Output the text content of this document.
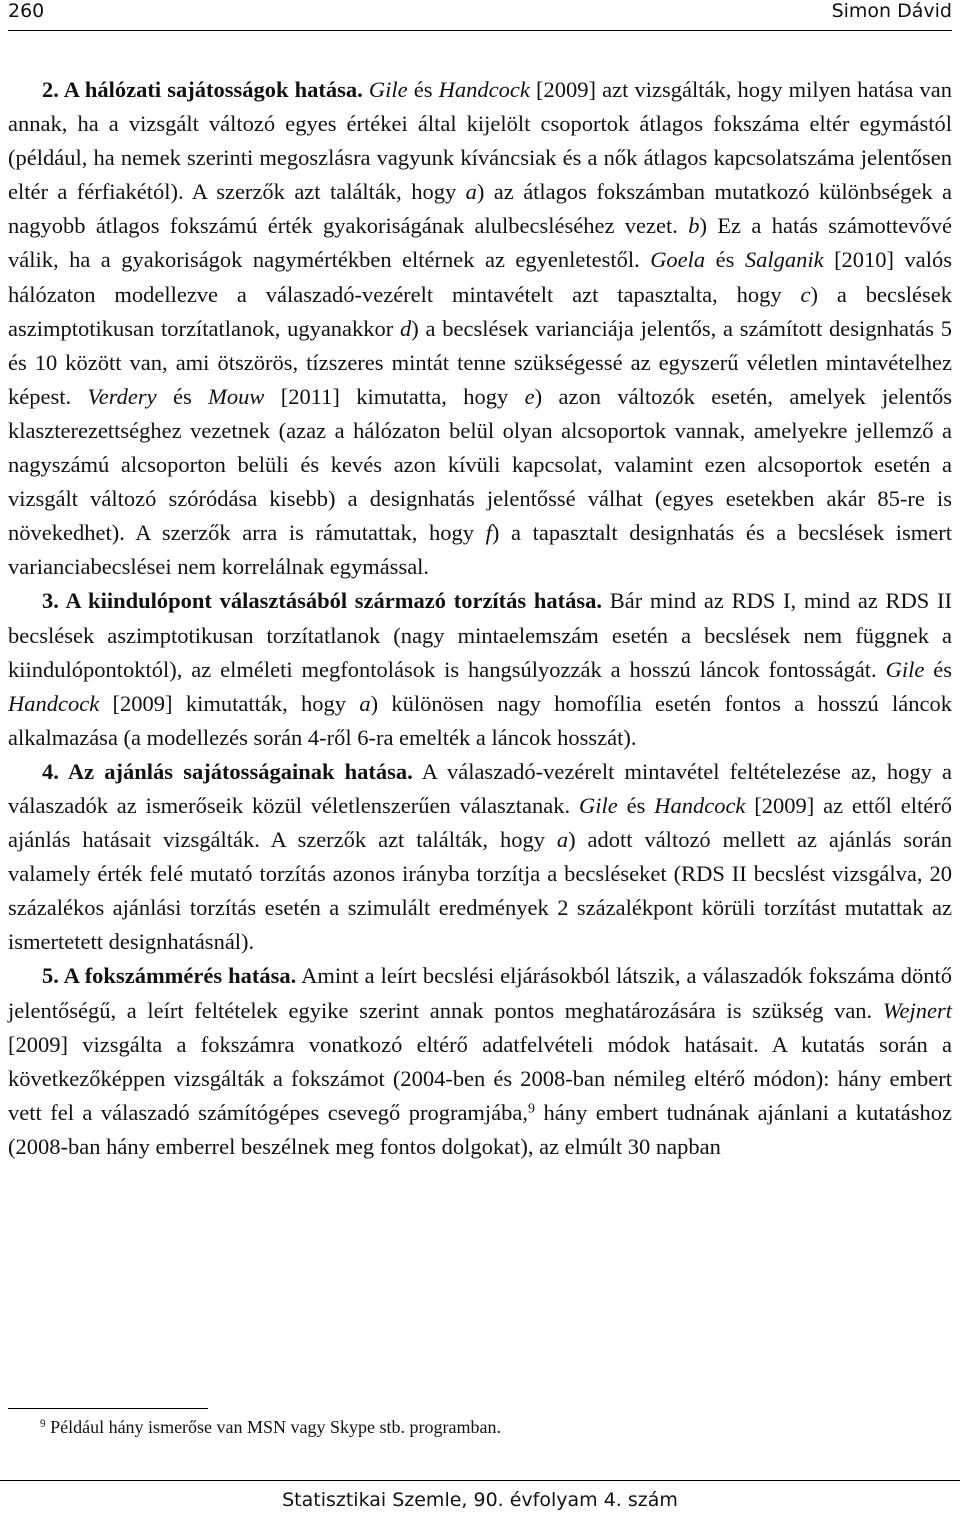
260	Simon Dávid

2. A hálózati sajátosságok hatása. Gile és Handcock [2009] azt vizsgálták, hogy milyen hatása van annak, ha a vizsgált változó egyes értékei által kijelölt csoportok átlagos fokszáma eltér egymástól (például, ha nemek szerinti megoszlásra vagyunk kíváncsiak és a nők átlagos kapcsolatszáma jelentősen eltér a férfiakétól). A szerzők azt találták, hogy a) az átlagos fokszámban mutatkozó különbségek a nagyobb átlagos fokszámú érték gyakoriságának alulbecsléséhez vezet. b) Ez a hatás számottevővé válik, ha a gyakoriságok nagymértékben eltérnek az egyenletestől. Goela és Salganik [2010] valós hálózaton modellezve a válaszadó-vezérelt mintavételt azt tapasztalta, hogy c) a becslések aszimptotikusan torzítatlanok, ugyanakkor d) a becslések varianciája jelentős, a számított designhatás 5 és 10 között van, ami ötszörös, tízszeres mintát tenne szükségessé az egyszerű véletlen mintavételhez képest. Verdery és Mouw [2011] kimutatta, hogy e) azon változók esetén, amelyek jelentős klaszterezettséghez vezetnek (azaz a hálózaton belül olyan alcsoportok vannak, amelyekre jellemző a nagyszámú alcsoporton belüli és kevés azon kívüli kapcsolat, valamint ezen alcsoportok esetén a vizsgált változó szóródása kisebb) a designhatás jelentőssé válhat (egyes esetekben akár 85-re is növekedhet). A szerzők arra is rámutattak, hogy f) a tapasztalt designhatás és a becslések ismert varianciabecslései nem korrelálnak egymással.

3. A kiindulópont választásából származó torzítás hatása. Bár mind az RDS I, mind az RDS II becslések aszimptotikusan torzítatlanok (nagy mintaelemszám esetén a becslések nem függnek a kiindulópontoktól), az elméleti megfontolások is hangsúlyozzák a hosszú láncok fontosságát. Gile és Handcock [2009] kimutatták, hogy a) különösen nagy homofília esetén fontos a hosszú láncok alkalmazása (a modellezés során 4-ről 6-ra emelték a láncok hosszát).

4. Az ajánlás sajátosságainak hatása. A válaszadó-vezérelt mintavétel feltételezése az, hogy a válaszadók az ismerőseik közül véletlenszerűen választanak. Gile és Handcock [2009] az ettől eltérő ajánlás hatásait vizsgálták. A szerzők azt találták, hogy a) adott változó mellett az ajánlás során valamely érték felé mutató torzítás azonos irányba torzítja a becsléseket (RDS II becslést vizsgálva, 20 százalékos ajánlási torzítás esetén a szimulált eredmények 2 százalékpont körüli torzítást mutattak az ismertetett designhatásnál).

5. A fokszámmérés hatása. Amint a leírt becslési eljárásokból látszik, a válaszadók fokszáma döntő jelentőségű, a leírt feltételek egyike szerint annak pontos meghatározására is szükség van. Wejnert [2009] vizsgálta a fokszámra vonatkozó eltérő adatfelvételi módok hatásait. A kutatás során a következőképpen vizsgálták a fokszámot (2004-ben és 2008-ban némileg eltérő módon): hány embert vett fel a válaszadó számítógépes csevegő programjába,$^9$ hány embert tudnának ajánlani a kutatáshoz (2008-ban hány emberrel beszélnek meg fontos dolgokat), az elmúlt 30 napban

$^9$ Például hány ismerőse van MSN vagy Skype stb. programban.
Statisztikai Szemle, 90. évfolyam 4. szám
